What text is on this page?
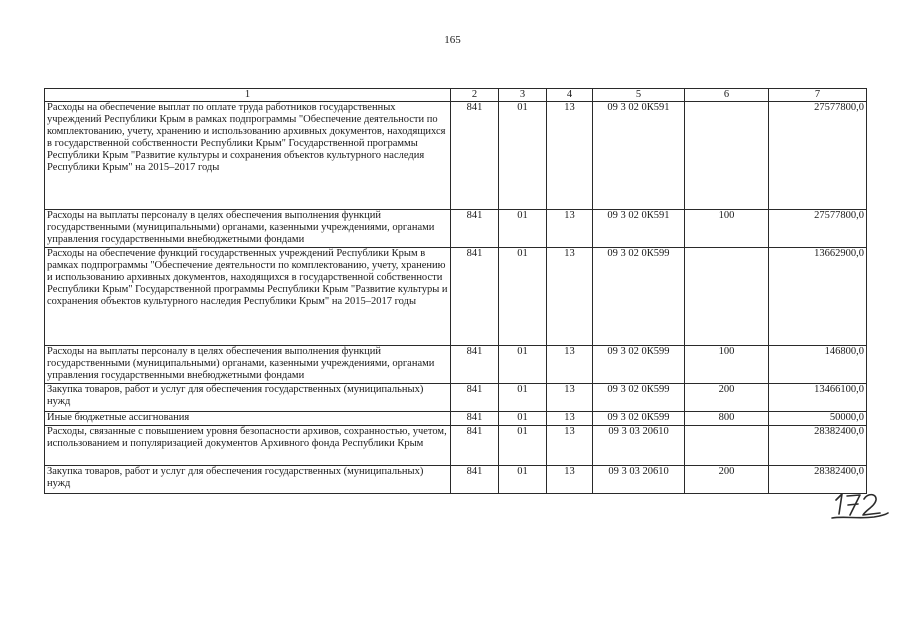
165
1	2	3	4	5	6	7
Расходы на обеспечение выплат по оплате труда работников государственных учреждений Республики Крым в рамках подпрограммы "Обеспечение деятельности по комплектованию, учету, хранению и использованию архивных документов, находящихся в государственной собственности Республики Крым" Государственной программы Республики Крым "Развитие культуры и сохранения объектов культурного наследия Республики Крым" на 2015–2017 годы	841	01	13	09 3 02 0К591		27577800,0
Расходы на выплаты персоналу в целях обеспечения выполнения функций государственными (муниципальными) органами, казенными учреждениями, органами управления государственными внебюджетными фондами	841	01	13	09 3 02 0К591	100	27577800,0
Расходы на обеспечение функций государственных учреждений Республики Крым в рамках подпрограммы "Обеспечение деятельности по комплектованию, учету, хранению и использованию архивных документов, находящихся в государственной собственности Республики Крым" Государственной программы Республики Крым "Развитие культуры и сохранения объектов культурного наследия Республики Крым" на 2015–2017 годы	841	01	13	09 3 02 0К599		13662900,0
Расходы на выплаты персоналу в целях обеспечения выполнения функций государственными (муниципальными) органами, казенными учреждениями, органами управления государственными внебюджетными фондами	841	01	13	09 3 02 0К599	100	146800,0
Закупка товаров, работ и услуг для обеспечения государственных (муниципальных) нужд	841	01	13	09 3 02 0К599	200	13466100,0
Иные бюджетные ассигнования	841	01	13	09 3 02 0К599	800	50000,0
Расходы, связанные с повышением уровня безопасности архивов, сохранностью, учетом, использованием и популяризацией документов Архивного фонда Республики Крым	841	01	13	09 3 03 20610		28382400,0
Закупка товаров, работ и услуг для обеспечения государственных (муниципальных) нужд	841	01	13	09 3 03 20610	200	28382400,0
